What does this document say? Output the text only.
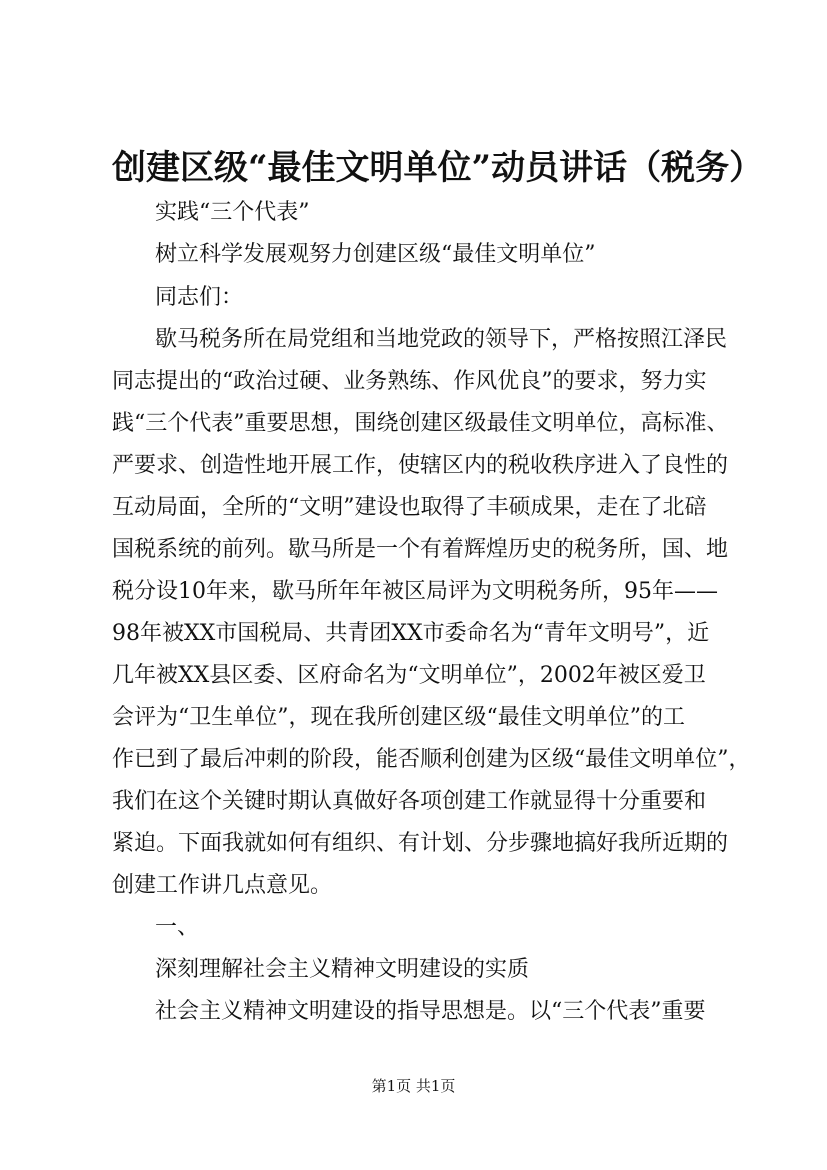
创建区级“最佳文明单位”动员讲话（税务）
实践“三个代表”
树立科学发展观努力创建区级“最佳文明单位”
同志们：
歇马税务所在局党组和当地党政的领导下，严格按照江泽民
同志提出的“政治过硬、业务熟练、作风优良”的要求，努力实
践“三个代表”重要思想，围绕创建区级最佳文明单位，高标准、
严要求、创造性地开展工作，使辖区内的税收秩序进入了良性的
互动局面，全所的“文明”建设也取得了丰硕成果，走在了北碚
国税系统的前列。歇马所是一个有着辉煌历史的税务所，国、地
税分设10年来，歇马所年年被区局评为文明税务所，95年——
98年被XX市国税局、共青团XX市委命名为“青年文明号”，近
几年被XX县区委、区府命名为“文明单位”，2002年被区爱卫
会评为“卫生单位”，现在我所创建区级“最佳文明单位”的工
作已到了最后冲刺的阶段，能否顺利创建为区级“最佳文明单位”，
我们在这个关键时期认真做好各项创建工作就显得十分重要和
紧迫。下面我就如何有组织、有计划、分步骤地搞好我所近期的
创建工作讲几点意见。
一、
深刻理解社会主义精神文明建设的实质
社会主义精神文明建设的指导思想是。以“三个代表”重要
第1页 共1页
